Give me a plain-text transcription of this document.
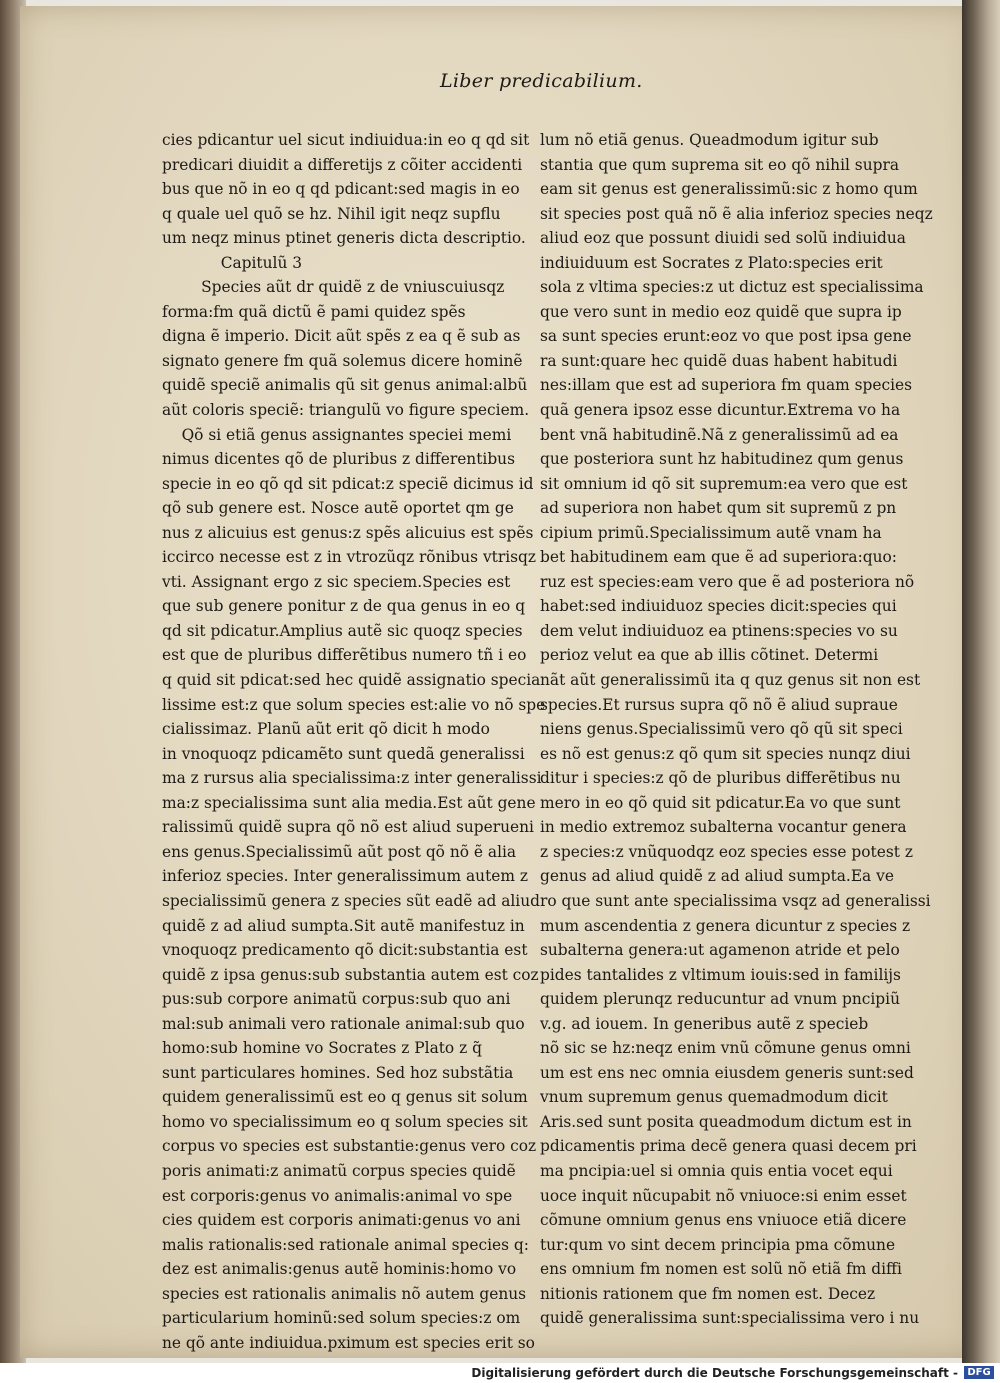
Liber predicabilium.
cies pdicantur uel sicut indiuidua:in eo q qd sit
predicari diuidit a differetijs z cõiter accidenti
bus que nõ in eo q qd pdicant:sed magis in eo
q quale uel quõ se hz. Nihil igit neqz supflu
um neqz minus ptinet generis dicta descriptio.
Capitulũ 3
Species aũt dr quidẽ z de vniuscuiusqz
forma:fm quã dictũ ẽ pami quidez spẽs
digna ẽ imperio. Dicit aũt spẽs z ea q ẽ sub as
signato genere fm quã solemus dicere hominẽ
quidẽ speciẽ animalis qũ sit genus animal:albũ
aũt coloris speciẽ: triangulũ vo figure speciem.
Qõ si etiã genus assignantes speciei memi
nimus dicentes qõ de pluribus z differentibus
specie in eo qõ qd sit pdicat:z speciẽ dicimus id
qõ sub genere est. Nosce autẽ oportet qm ge
nus z alicuius est genus:z spẽs alicuius est spẽs
iccirco necesse est z in vtrozũqz rõnibus vtrisqz
vti. Assignant ergo z sic speciem.Species est
que sub genere ponitur z de qua genus in eo q
qd sit pdicatur.Amplius autẽ sic quoqz species
est que de pluribus differẽtibus numero tñ i eo
q quid sit pdicat:sed hec quidẽ assignatio specia
lissime est:z que solum species est:alie vo nõ spe
cialissimaz. Planũ aũt erit qõ dicit h modo
in vnoquoqz pdicamẽto sunt quedã generalissi
ma z rursus alia specialissima:z inter generalissi
ma:z specialissima sunt alia media.Est aũt gene
ralissimũ quidẽ supra qõ nõ est aliud superueni
ens genus.Specialissimũ aũt post qõ nõ ẽ alia
inferioz species. Inter generalissimum autem z
specialissimũ genera z species sũt eadẽ ad aliud
quidẽ z ad aliud sumpta.Sit autẽ manifestuz in
vnoquoqz predicamento qõ dicit:substantia est
quidẽ z ipsa genus:sub substantia autem est coz
pus:sub corpore animatũ corpus:sub quo ani
mal:sub animali vero rationale animal:sub quo
homo:sub homine vo Socrates z Plato z q̃
sunt particulares homines. Sed hoz substãtia
quidem generalissimũ est eo q genus sit solum
homo vo specialissimum eo q solum species sit
corpus vo species est substantie:genus vero coz
poris animati:z animatũ corpus species quidẽ
est corporis:genus vo animalis:animal vo spe
cies quidem est corporis animati:genus vo ani
malis rationalis:sed rationale animal species q:
dez est animalis:genus autẽ hominis:homo vo
species est rationalis animalis nõ autem genus
particularium hominũ:sed solum species:z om
ne qõ ante indiuidua.pximum est species erit so
lum nõ etiã genus. Queadmodum igitur sub
stantia que qum suprema sit eo qõ nihil supra
eam sit genus est generalissimũ:sic z homo qum
sit species post quã nõ ẽ alia inferioz species neqz
aliud eoz que possunt diuidi sed solũ indiuidua
indiuiduum est Socrates z Plato:species erit
sola z vltima species:z ut dictuz est specialissima
que vero sunt in medio eoz quidẽ que supra ip
sa sunt species erunt:eoz vo que post ipsa gene
ra sunt:quare hec quidẽ duas habent habitudi
nes:illam que est ad superiora fm quam species
quã genera ipsoz esse dicuntur.Extrema vo ha
bent vnã habitudinẽ.Nã z generalissimũ ad ea
que posteriora sunt hz habitudinez qum genus
sit omnium id qõ sit supremum:ea vero que est
ad superiora non habet qum sit supremũ z pn
cipium primũ.Specialissimum autẽ vnam ha
bet habitudinem eam que ẽ ad superiora:quo:
ruz est species:eam vero que ẽ ad posteriora nõ
habet:sed indiuiduoz species dicit:species qui
dem velut indiuiduoz ea ptinens:species vo su
perioz velut ea que ab illis cõtinet. Determi
nãt aũt generalissimũ ita q quz genus sit non est
species.Et rursus supra qõ nõ ẽ aliud supraue
niens genus.Specialissimũ vero qõ qũ sit speci
es nõ est genus:z qõ qum sit species nunqz diui
ditur i species:z qõ de pluribus differẽtibus nu
mero in eo qõ quid sit pdicatur.Ea vo que sunt
in medio extremoz subalterna vocantur genera
z species:z vnũquodqz eoz species esse potest z
genus ad aliud quidẽ z ad aliud sumpta.Ea ve
ro que sunt ante specialissima vsqz ad generalissi
mum ascendentia z genera dicuntur z species z
subalterna genera:ut agamenon atride et pelo
pides tantalides z vltimum iouis:sed in familijs
quidem plerunqz reducuntur ad vnum pncipiũ
v.g. ad iouem. In generibus autẽ z specieb
nõ sic se hz:neqz enim vnũ cõmune genus omni
um est ens nec omnia eiusdem generis sunt:sed
vnum supremum genus quemadmodum dicit
Aris.sed sunt posita queadmodum dictum est in
pdicamentis prima decẽ genera quasi decem pri
ma pncipia:uel si omnia quis entia vocet equi
uoce inquit nũcupabit nõ vniuoce:si enim esset
cõmune omnium genus ens vniuoce etiã dicere
tur:qum vo sint decem principia pma cõmune
ens omnium fm nomen est solũ nõ etiã fm diffi
nitionis rationem que fm nomen est. Decez
quidẽ generalissima sunt:specialissima vero i nu
Digitalisierung gefördert durch die Deutsche Forschungsgemeinschaft - DFG
